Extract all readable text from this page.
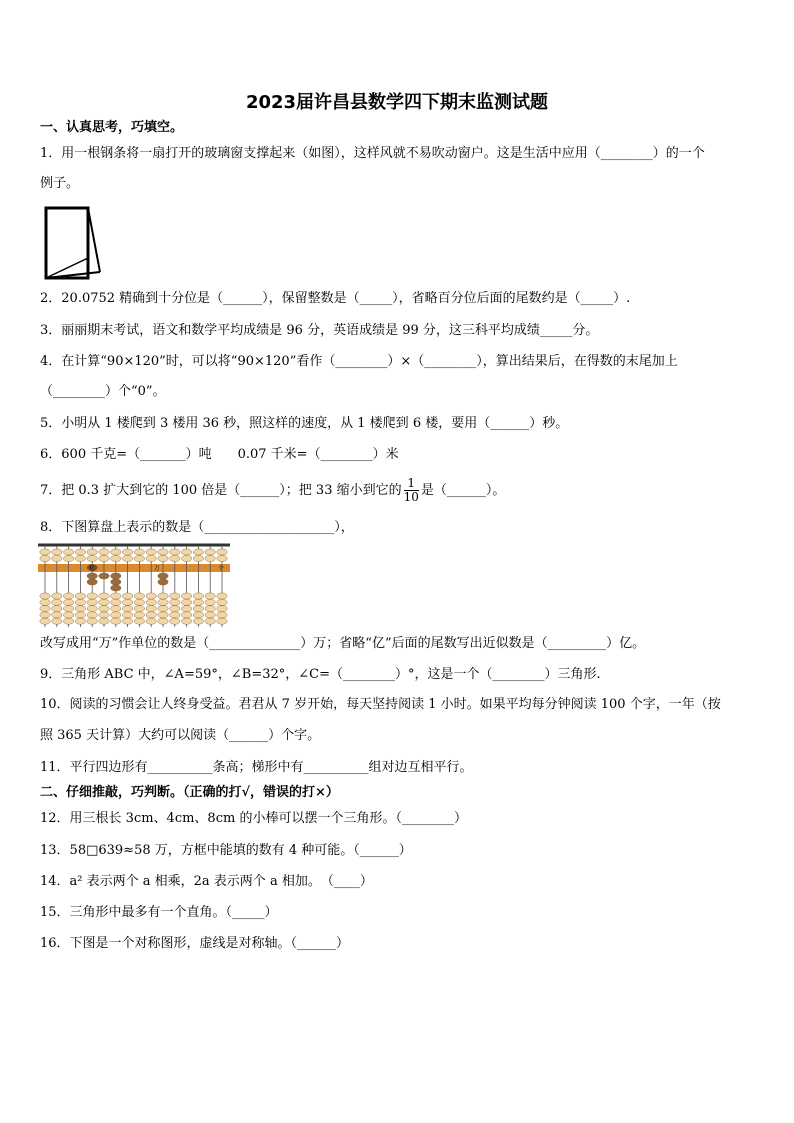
2023届许昌县数学四下期末监测试题
一、认真思考，巧填空。
1．用一根钢条将一扇打开的玻璃窗支撑起来（如图），这样风就不易吹动窗户。这是生活中应用（________）的一个
例子。
2．20.0752 精确到十分位是（______），保留整数是（_____），省略百分位后面的尾数约是（_____）.
3．丽丽期末考试，语文和数学平均成绩是 96 分，英语成绩是 99 分，这三科平均成绩_____分。
4．在计算“90×120”时，可以将“90×120”看作（________）×（________），算出结果后，在得数的末尾加上
（________）个“0”。
5．小明从 1 楼爬到 3 楼用 36 秒，照这样的速度，从 1 楼爬到 6 楼，要用（______）秒。
6．600 千克=（_______）吨　　0.07 千米=（________）米
7．把 0.3 扩大到它的 100 倍是（______）；把 33 缩小到它的 $\frac{1}{10}$ 是（______）。
8．下图算盘上表示的数是（____________________），
亿	万	个
改写成用“万”作单位的数是（______________）万；省略“亿”后面的尾数写出近似数是（_________）亿。
9．三角形 ABC 中，∠A=59°，∠B=32°，∠C=（________）°，这是一个（________）三角形.
10．阅读的习惯会让人终身受益。君君从 7 岁开始，每天坚持阅读 1 小时。如果平均每分钟阅读 100 个字，一年（按
照 365 天计算）大约可以阅读（______）个字。
11．平行四边形有__________条高；梯形中有__________组对边互相平行。
二、仔细推敲，巧判断。（正确的打√，错误的打×）
12．用三根长 3cm、4cm、8cm 的小棒可以摆一个三角形。（________）
13．58□639≈58 万，方框中能填的数有 4 种可能。（______）
14．a² 表示两个 a 相乘，2a 表示两个 a 相加。　（____）
15．三角形中最多有一个直角。（_____）
16．下图是一个对称图形，虚线是对称轴。（______）
